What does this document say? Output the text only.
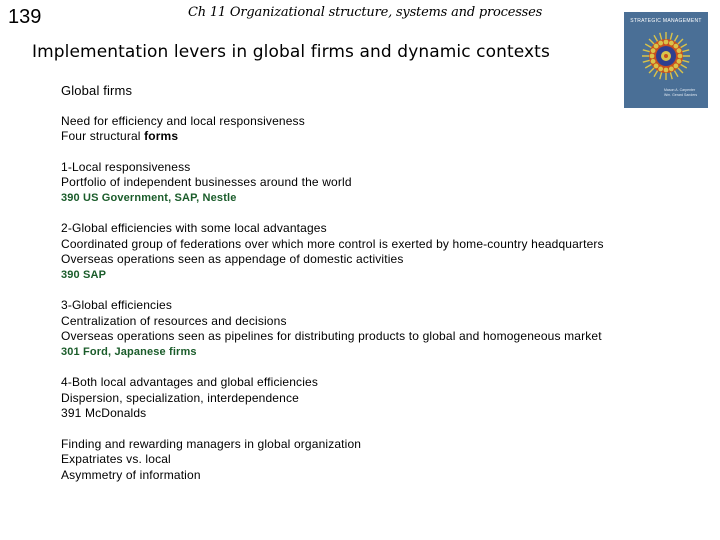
139	Ch 11 Organizational structure, systems and processes
Implementation levers in global firms and dynamic contexts
STRATEGIC MANAGEMENT
Mason A. Carpenter
Wm. Gerard Sanders
Global firms
Need for efficiency and local responsiveness
Four structural forms
1-Local responsiveness
Portfolio of independent businesses around the world
390 US Government, SAP, Nestle
2-Global efficiencies with some local advantages
Coordinated group of federations over which more control is exerted by home-country headquarters
Overseas operations seen as appendage of domestic activities
390 SAP
3-Global efficiencies
Centralization of resources and decisions
Overseas operations seen as pipelines for distributing products to global and homogeneous market
301 Ford, Japanese firms
4-Both local advantages and global efficiencies
Dispersion, specialization, interdependence
391 McDonalds
Finding and rewarding managers in global organization
Expatriates vs. local
Asymmetry of information
